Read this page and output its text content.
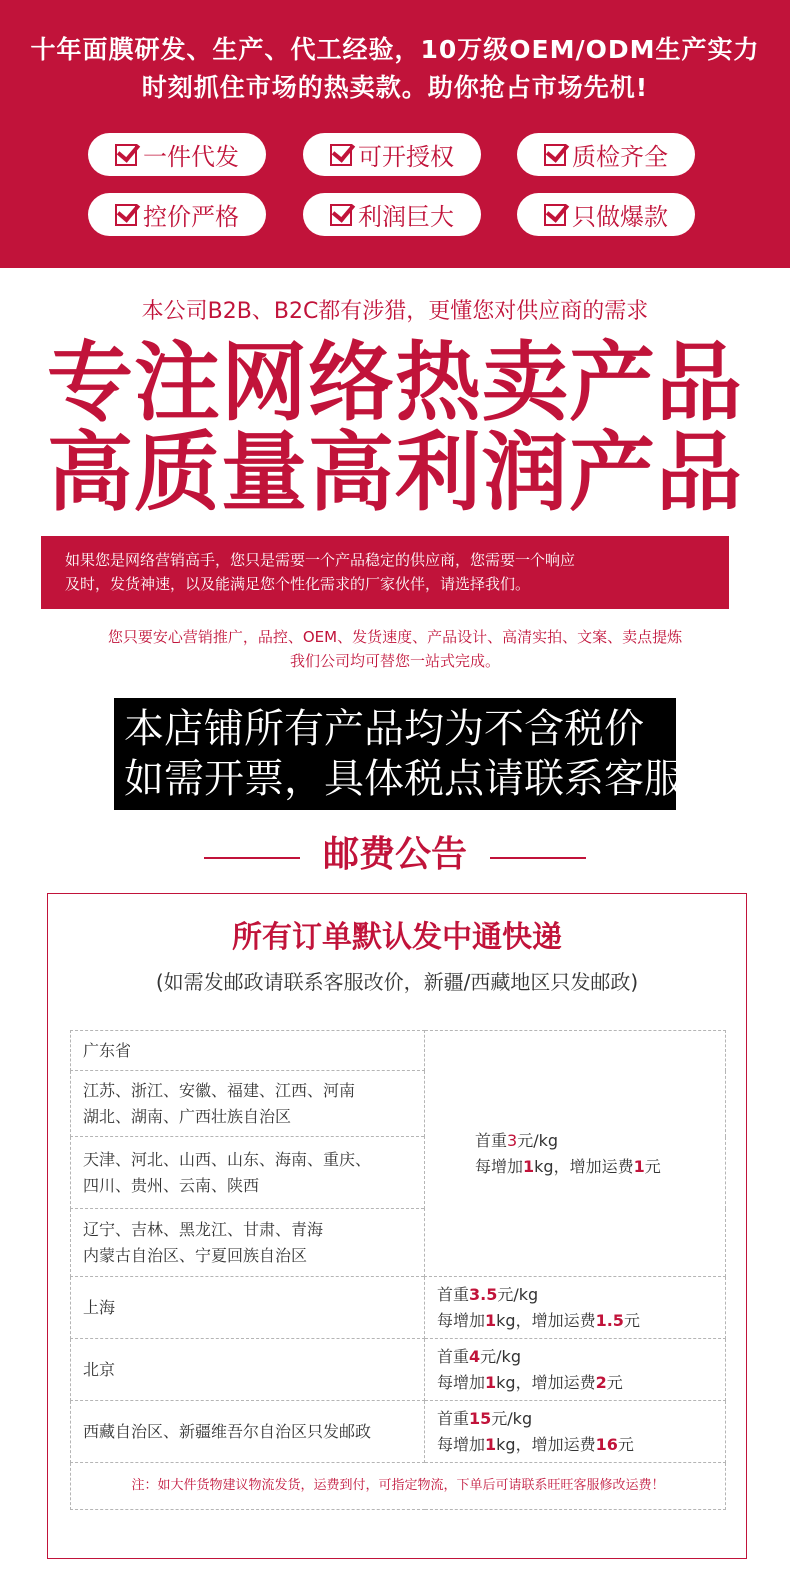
十年面膜研发、生产、代工经验，10万级OEM/ODM生产实力
时刻抓住市场的热卖款。助你抢占市场先机!
一件代发	可开授权	质检齐全
控价严格	利润巨大	只做爆款
本公司B2B、B2C都有涉猎，更懂您对供应商的需求
专注网络热卖产品
高质量高利润产品

如果您是网络营销高手，您只是需要一个产品稳定的供应商，您需要一个响应

及时，发货神速，以及能满足您个性化需求的厂家伙伴，请选择我们。

您只要安心营销推广，品控、OEM、发货速度、产品设计、高清实拍、文案、卖点提炼
我们公司均可替您一站式完成。

本店铺所有产品均为不含税价

如需开票，具体税点请联系客服

邮费公告
所有订单默认发中通快递
(如需发邮政请联系客服改价，新疆/西藏地区只发邮政)
广东省	首重3元/kg
每增加1kg，增加运费1元

江苏、浙江、安徽、福建、江西、河南
湖北、湖南、广西壮族自治区	

天津、河北、山西、山东、海南、重庆、
四川、贵州、云南、陕西	

辽宁、吉林、黑龙江、甘肃、青海
内蒙古自治区、宁夏回族自治区	

上海	首重3.5元/kg
每增加1kg，增加运费1.5元

北京	首重4元/kg
每增加1kg，增加运费2元

西藏自治区、新疆维吾尔自治区只发邮政	首重15元/kg
每增加1kg，增加运费16元

注：如大件货物建议物流发货，运费到付，可指定物流，下单后可请联系旺旺客服修改运费！	
